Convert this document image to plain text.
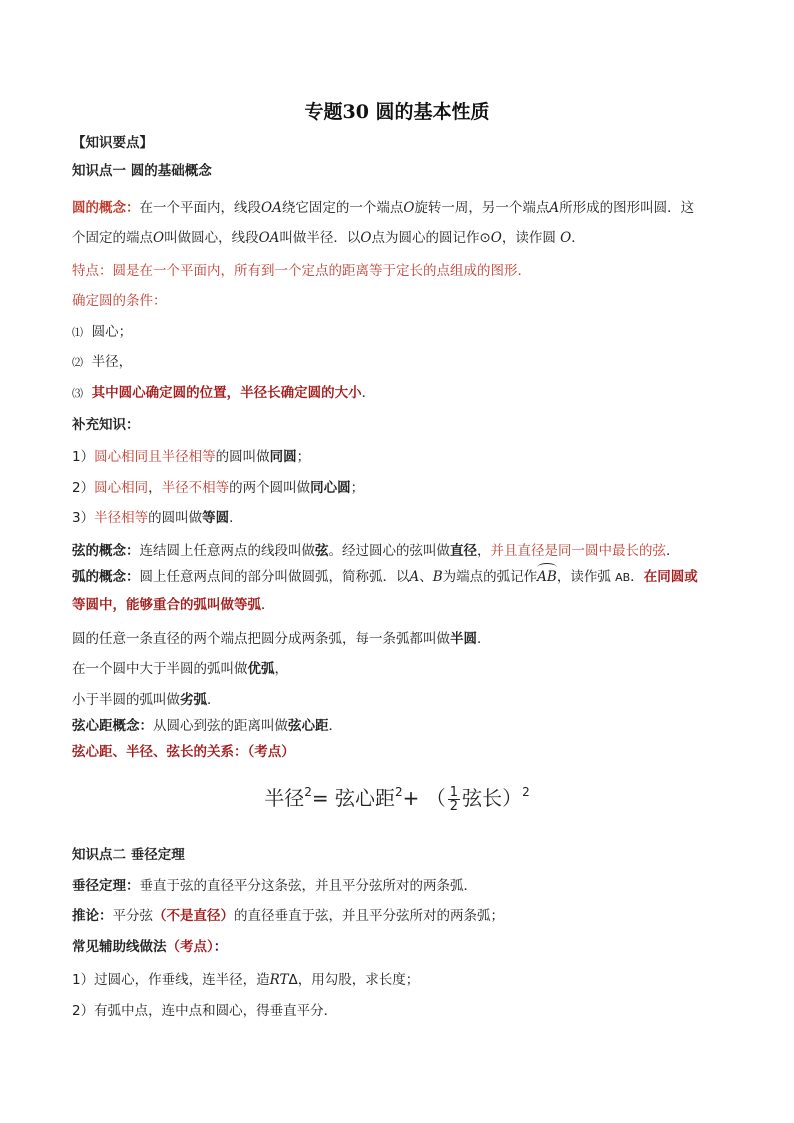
专题30 圆的基本性质
【知识要点】
知识点一 圆的基础概念
圆的概念：在一个平面内，线段OA绕它固定的一个端点O旋转一周，另一个端点A所形成的图形叫圆．这
个固定的端点O叫做圆心，线段OA叫做半径．以O点为圆心的圆记作⊙O，读作圆 O．
特点：圆是在一个平面内，所有到一个定点的距离等于定长的点组成的图形．
确定圆的条件：
⑴ 圆心；
⑵ 半径，
⑶ 其中圆心确定圆的位置，半径长确定圆的大小．
补充知识：
1）圆心相同且半径相等的圆叫做同圆；
2）圆心相同，半径不相等的两个圆叫做同心圆；
3）半径相等的圆叫做等圆．
弦的概念：连结圆上任意两点的线段叫做弦。经过圆心的弦叫做直径，并且直径是同一圆中最长的弦．
弧的概念：圆上任意两点间的部分叫做圆弧，简称弧．以A、B为端点的弧记作AB，读作弧 AB．在同圆或
等圆中，能够重合的弧叫做等弧．
圆的任意一条直径的两个端点把圆分成两条弧，每一条弧都叫做半圆．
在一个圆中大于半圆的弧叫做优弧，
小于半圆的弧叫做劣弧．
弦心距概念：从圆心到弦的距离叫做弦心距．
弦心距、半径、弦长的关系：（考点）
半径$^2$= 弦心距$^2$+ （ $\frac{1}{2}$ 弦长）$^2$
知识点二 垂径定理
垂径定理：垂直于弦的直径平分这条弦，并且平分弦所对的两条弧．
推论：平分弦（不是直径）的直径垂直于弦，并且平分弦所对的两条弧；
常见辅助线做法（考点）：
1）过圆心，作垂线，连半径，造RTΔ，用勾股，求长度；
2）有弧中点，连中点和圆心，得垂直平分．
